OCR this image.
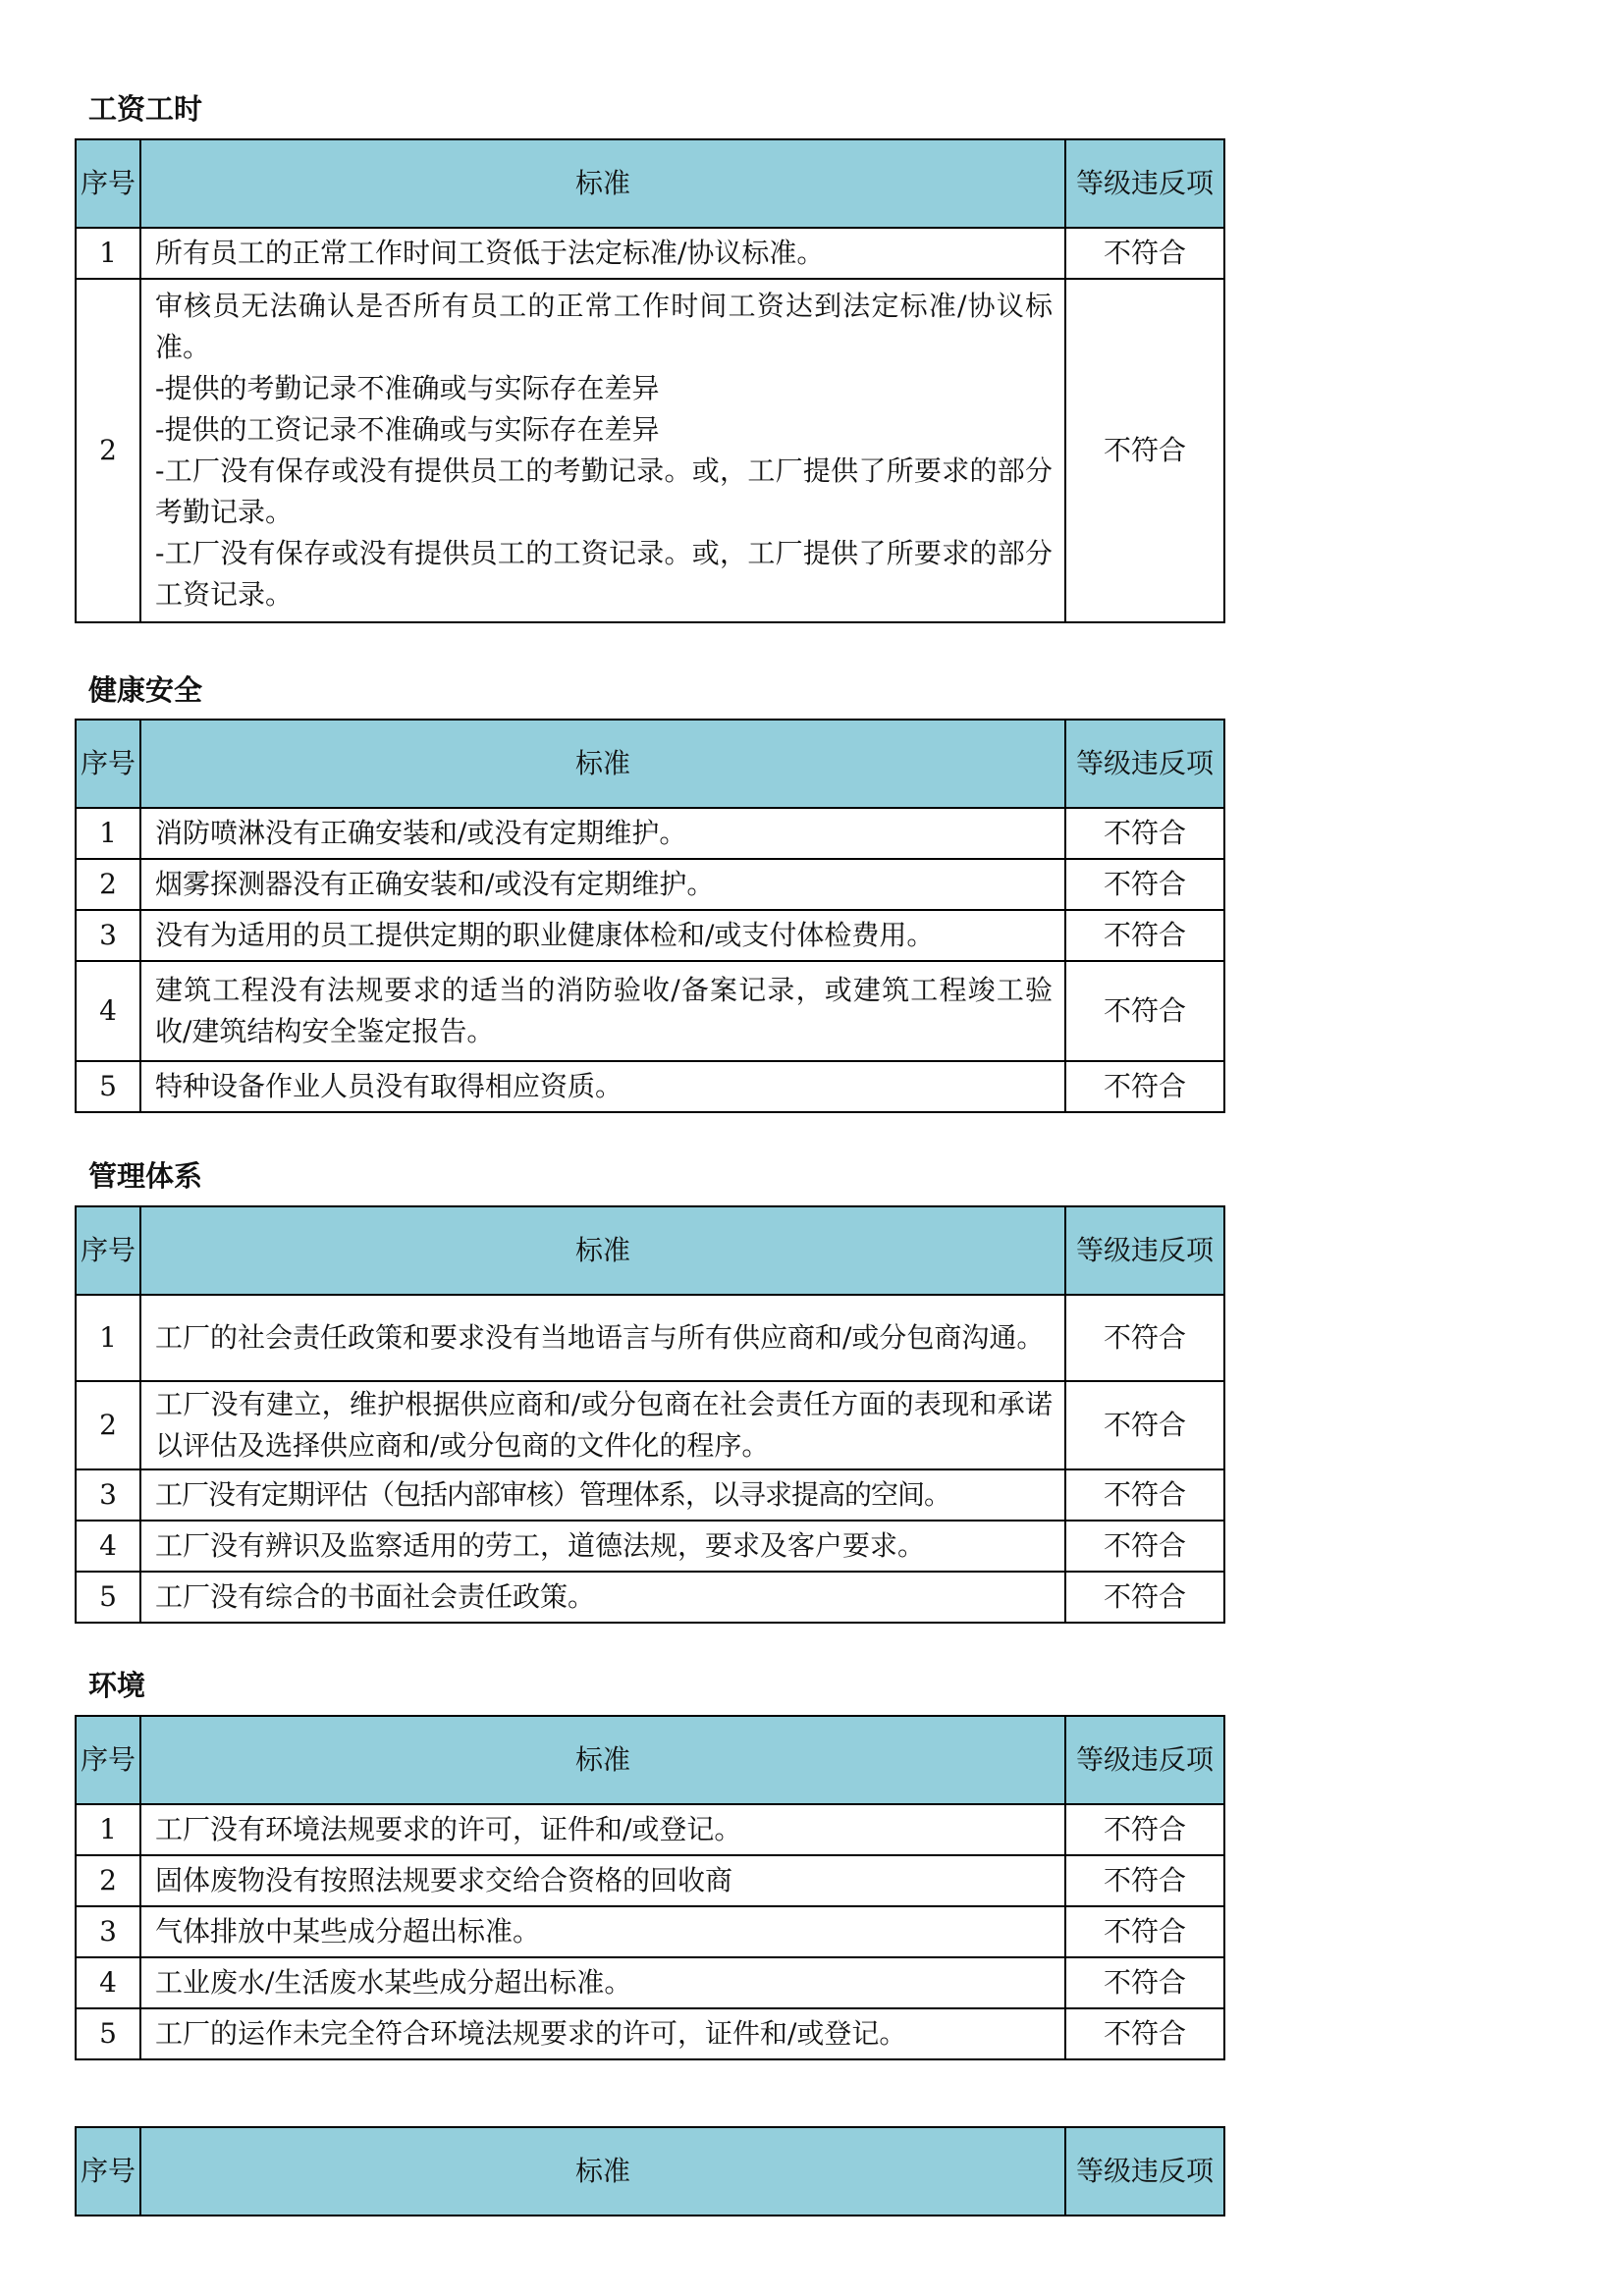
工资工时
序号	标准	等级违反项
1	所有员工的正常工作时间工资低于法定标准/协议标准。	不符合
2	审核员无法确认是否所有员工的正常工作时间工资达到法定标准/协议标准。
-提供的考勤记录不准确或与实际存在差异
-提供的工资记录不准确或与实际存在差异
-工厂没有保存或没有提供员工的考勤记录。或，工厂提供了所要求的部分考勤记录。
-工厂没有保存或没有提供员工的工资记录。或，工厂提供了所要求的部分工资记录。	不符合
健康安全
序号	标准	等级违反项
1	消防喷淋没有正确安装和/或没有定期维护。	不符合
2	烟雾探测器没有正确安装和/或没有定期维护。	不符合
3	没有为适用的员工提供定期的职业健康体检和/或支付体检费用。	不符合
4	建筑工程没有法规要求的适当的消防验收/备案记录，或建筑工程竣工验收/建筑结构安全鉴定报告。	不符合
5	特种设备作业人员没有取得相应资质。	不符合
管理体系
序号	标准	等级违反项
1	工厂的社会责任政策和要求没有当地语言与所有供应商和/或分包商沟通。	不符合
2	工厂没有建立，维护根据供应商和/或分包商在社会责任方面的表现和承诺以评估及选择供应商和/或分包商的文件化的程序。	不符合
3	工厂没有定期评估（包括内部审核）管理体系，以寻求提高的空间。	不符合
4	工厂没有辨识及监察适用的劳工，道德法规，要求及客户要求。	不符合
5	工厂没有综合的书面社会责任政策。	不符合
环境
序号	标准	等级违反项
1	工厂没有环境法规要求的许可，证件和/或登记。	不符合
2	固体废物没有按照法规要求交给合资格的回收商	不符合
3	气体排放中某些成分超出标准。	不符合
4	工业废水/生活废水某些成分超出标准。	不符合
5	工厂的运作未完全符合环境法规要求的许可，证件和/或登记。	不符合
序号	标准	等级违反项
